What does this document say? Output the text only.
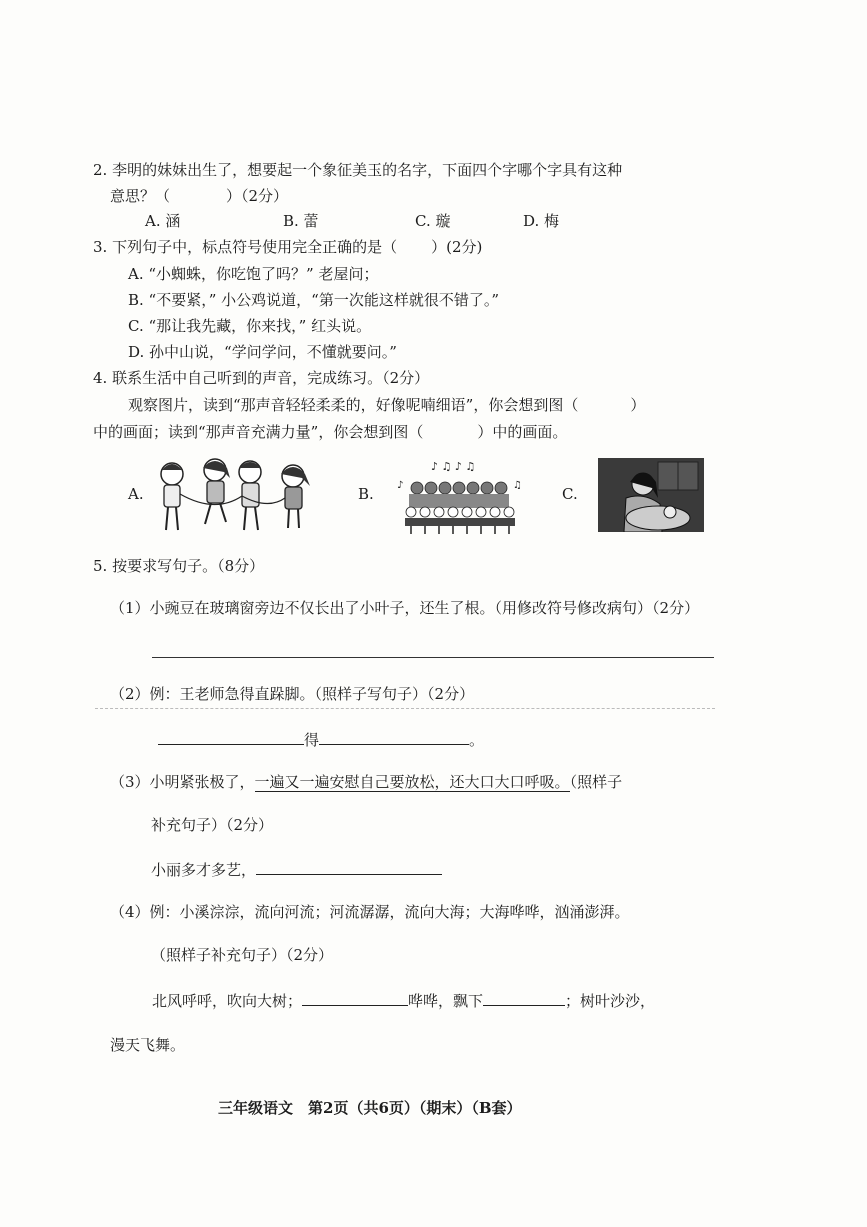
2. 李明的妹妹出生了，想要起一个象征美玉的名字，下面四个字哪个字具有这种
意思？（	）（2分）
A. 涵	B. 蕾	C. 璇	D. 梅
3. 下列句子中，标点符号使用完全正确的是（ ）(2分)
A. “小蜘蛛，你吃饱了吗？” 老屋问；
B. “不要紧，” 小公鸡说道，“第一次能这样就很不错了。”
C. “那让我先藏，你来找，” 红头说。
D. 孙中山说，“学问学问，不懂就要问。”
4. 联系生活中自己听到的声音，完成练习。（2分）
观察图片，读到“那声音轻轻柔柔的，好像呢喃细语”，你会想到图（	）
中的画面；读到“那声音充满力量”，你会想到图（	）中的画面。
A.	B.
♪ ♫ ♪ ♫
♪	♫	C.
5. 按要求写句子。（8分）
（1）小豌豆在玻璃窗旁边不仅长出了小叶子，还生了根。（用修改符号修改病句）（2分）
（2）例：王老师急得直跺脚。（照样子写句子）（2分）
得	。
（3）小明紧张极了，一遍又一遍安慰自己要放松，还大口大口呼吸。（照样子
补充句子）（2分）
小丽多才多艺，
（4）例：小溪淙淙，流向河流；河流潺潺，流向大海；大海哗哗，汹涌澎湃。
（照样子补充句子）（2分）
北风呼呼，吹向大树；	哗哗，飘下	；树叶沙沙，
漫天飞舞。
三年级语文　第2页（共6页）（期末）（B套）
